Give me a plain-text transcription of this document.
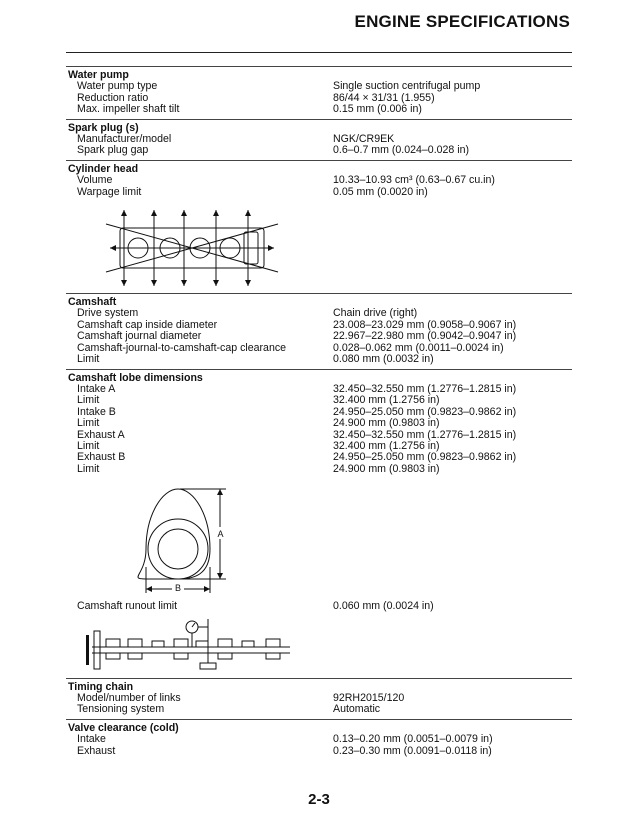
ENGINE SPECIFICATIONS
Water pump
Water pump type	Single suction centrifugal pump
Reduction ratio	86/44 × 31/31 (1.955)
Max. impeller shaft tilt	0.15 mm (0.006 in)
Spark plug (s)
Manufacturer/model	NGK/CR9EK
Spark plug gap	0.6–0.7 mm (0.024–0.028 in)
Cylinder head
Volume	10.33–10.93 cm³ (0.63–0.67 cu.in)
Warpage limit	0.05 mm (0.0020 in)
Camshaft
Drive system	Chain drive (right)
Camshaft cap inside diameter	23.008–23.029 mm (0.9058–0.9067 in)
Camshaft journal diameter	22.967–22.980 mm (0.9042–0.9047 in)
Camshaft-journal-to-camshaft-cap clearance	0.028–0.062 mm (0.0011–0.0024 in)
Limit	0.080 mm (0.0032 in)
Camshaft lobe dimensions
Intake A	32.450–32.550 mm (1.2776–1.2815 in)
Limit	32.400 mm (1.2756 in)
Intake B	24.950–25.050 mm (0.9823–0.9862 in)
Limit	24.900 mm (0.9803 in)
Exhaust A	32.450–32.550 mm (1.2776–1.2815 in)
Limit	32.400 mm (1.2756 in)
Exhaust B	24.950–25.050 mm (0.9823–0.9862 in)
Limit	24.900 mm (0.9803 in)
A
B
Camshaft runout limit	0.060 mm (0.0024 in)
Timing chain
Model/number of links	92RH2015/120
Tensioning system	Automatic
Valve clearance (cold)
Intake	0.13–0.20 mm (0.0051–0.0079 in)
Exhaust	0.23–0.30 mm (0.0091–0.0118 in)
2-3
